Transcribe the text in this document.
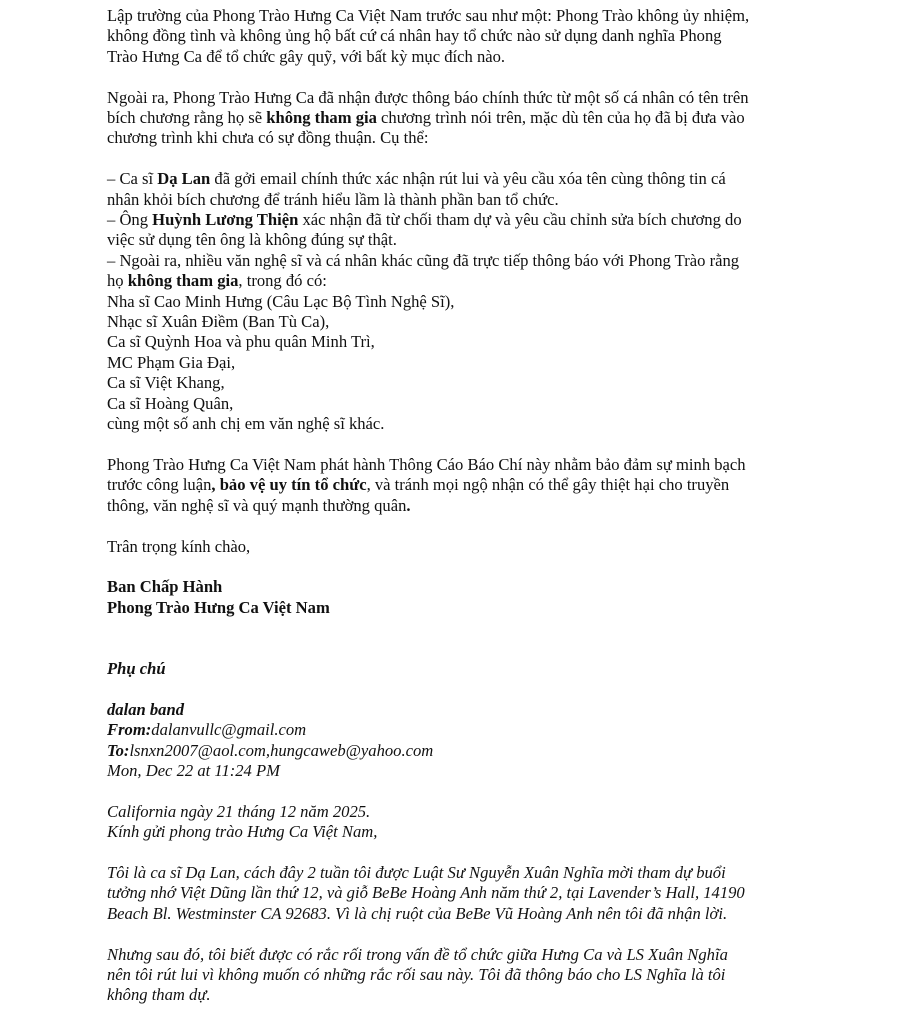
Lập trường của Phong Trào Hưng Ca Việt Nam trước sau như một: Phong Trào không ủy nhiệm,
không đồng tình và không ủng hộ bất cứ cá nhân hay tổ chức nào sử dụng danh nghĩa Phong
Trào Hưng Ca để tổ chức gây quỹ, với bất kỳ mục đích nào.
Ngoài ra, Phong Trào Hưng Ca đã nhận được thông báo chính thức từ một số cá nhân có tên trên
bích chương rằng họ sẽ không tham gia chương trình nói trên, mặc dù tên của họ đã bị đưa vào
chương trình khi chưa có sự đồng thuận. Cụ thể:
– Ca sĩ Dạ Lan đã gởi email chính thức xác nhận rút lui và yêu cầu xóa tên cùng thông tin cá
nhân khỏi bích chương để tránh hiểu lầm là thành phần ban tổ chức.
– Ông Huỳnh Lương Thiện xác nhận đã từ chối tham dự và yêu cầu chỉnh sửa bích chương do
việc sử dụng tên ông là không đúng sự thật.
– Ngoài ra, nhiều văn nghệ sĩ và cá nhân khác cũng đã trực tiếp thông báo với Phong Trào rằng
họ không tham gia, trong đó có:
Nha sĩ Cao Minh Hưng (Câu Lạc Bộ Tình Nghệ Sĩ),
Nhạc sĩ Xuân Điềm (Ban Tù Ca),
Ca sĩ Quỳnh Hoa và phu quân Minh Trì,
MC Phạm Gia Đại,
Ca sĩ Việt Khang,
Ca sĩ Hoàng Quân,
cùng một số anh chị em văn nghệ sĩ khác.
Phong Trào Hưng Ca Việt Nam phát hành Thông Cáo Báo Chí này nhằm bảo đảm sự minh bạch
trước công luận, bảo vệ uy tín tổ chức, và tránh mọi ngộ nhận có thể gây thiệt hại cho truyền
thông, văn nghệ sĩ và quý mạnh thường quân.
Trân trọng kính chào,
Ban Chấp Hành
Phong Trào Hưng Ca Việt Nam
Phụ chú
dalan band
From:dalanvullc@gmail.com
To:lsnxn2007@aol.com,hungcaweb@yahoo.com
Mon, Dec 22 at 11:24 PM
California ngày 21 tháng 12 năm 2025.
Kính gửi phong trào Hưng Ca Việt Nam,
Tôi là ca sĩ Dạ Lan, cách đây 2 tuần tôi được Luật Sư Nguyễn Xuân Nghĩa mời tham dự buổi
tưởng nhớ Việt Dũng lần thứ 12, và giỗ BeBe Hoàng Anh năm thứ 2, tại Lavender’s Hall, 14190
Beach Bl. Westminster CA 92683. Vì là chị ruột của BeBe Vũ Hoàng Anh nên tôi đã nhận lời.
Nhưng sau đó, tôi biết được có rắc rối trong vấn đề tổ chức giữa Hưng Ca và LS Xuân Nghĩa
nên tôi rút lui vì không muốn có những rắc rối sau này. Tôi đã thông báo cho LS Nghĩa là tôi
không tham dự.
